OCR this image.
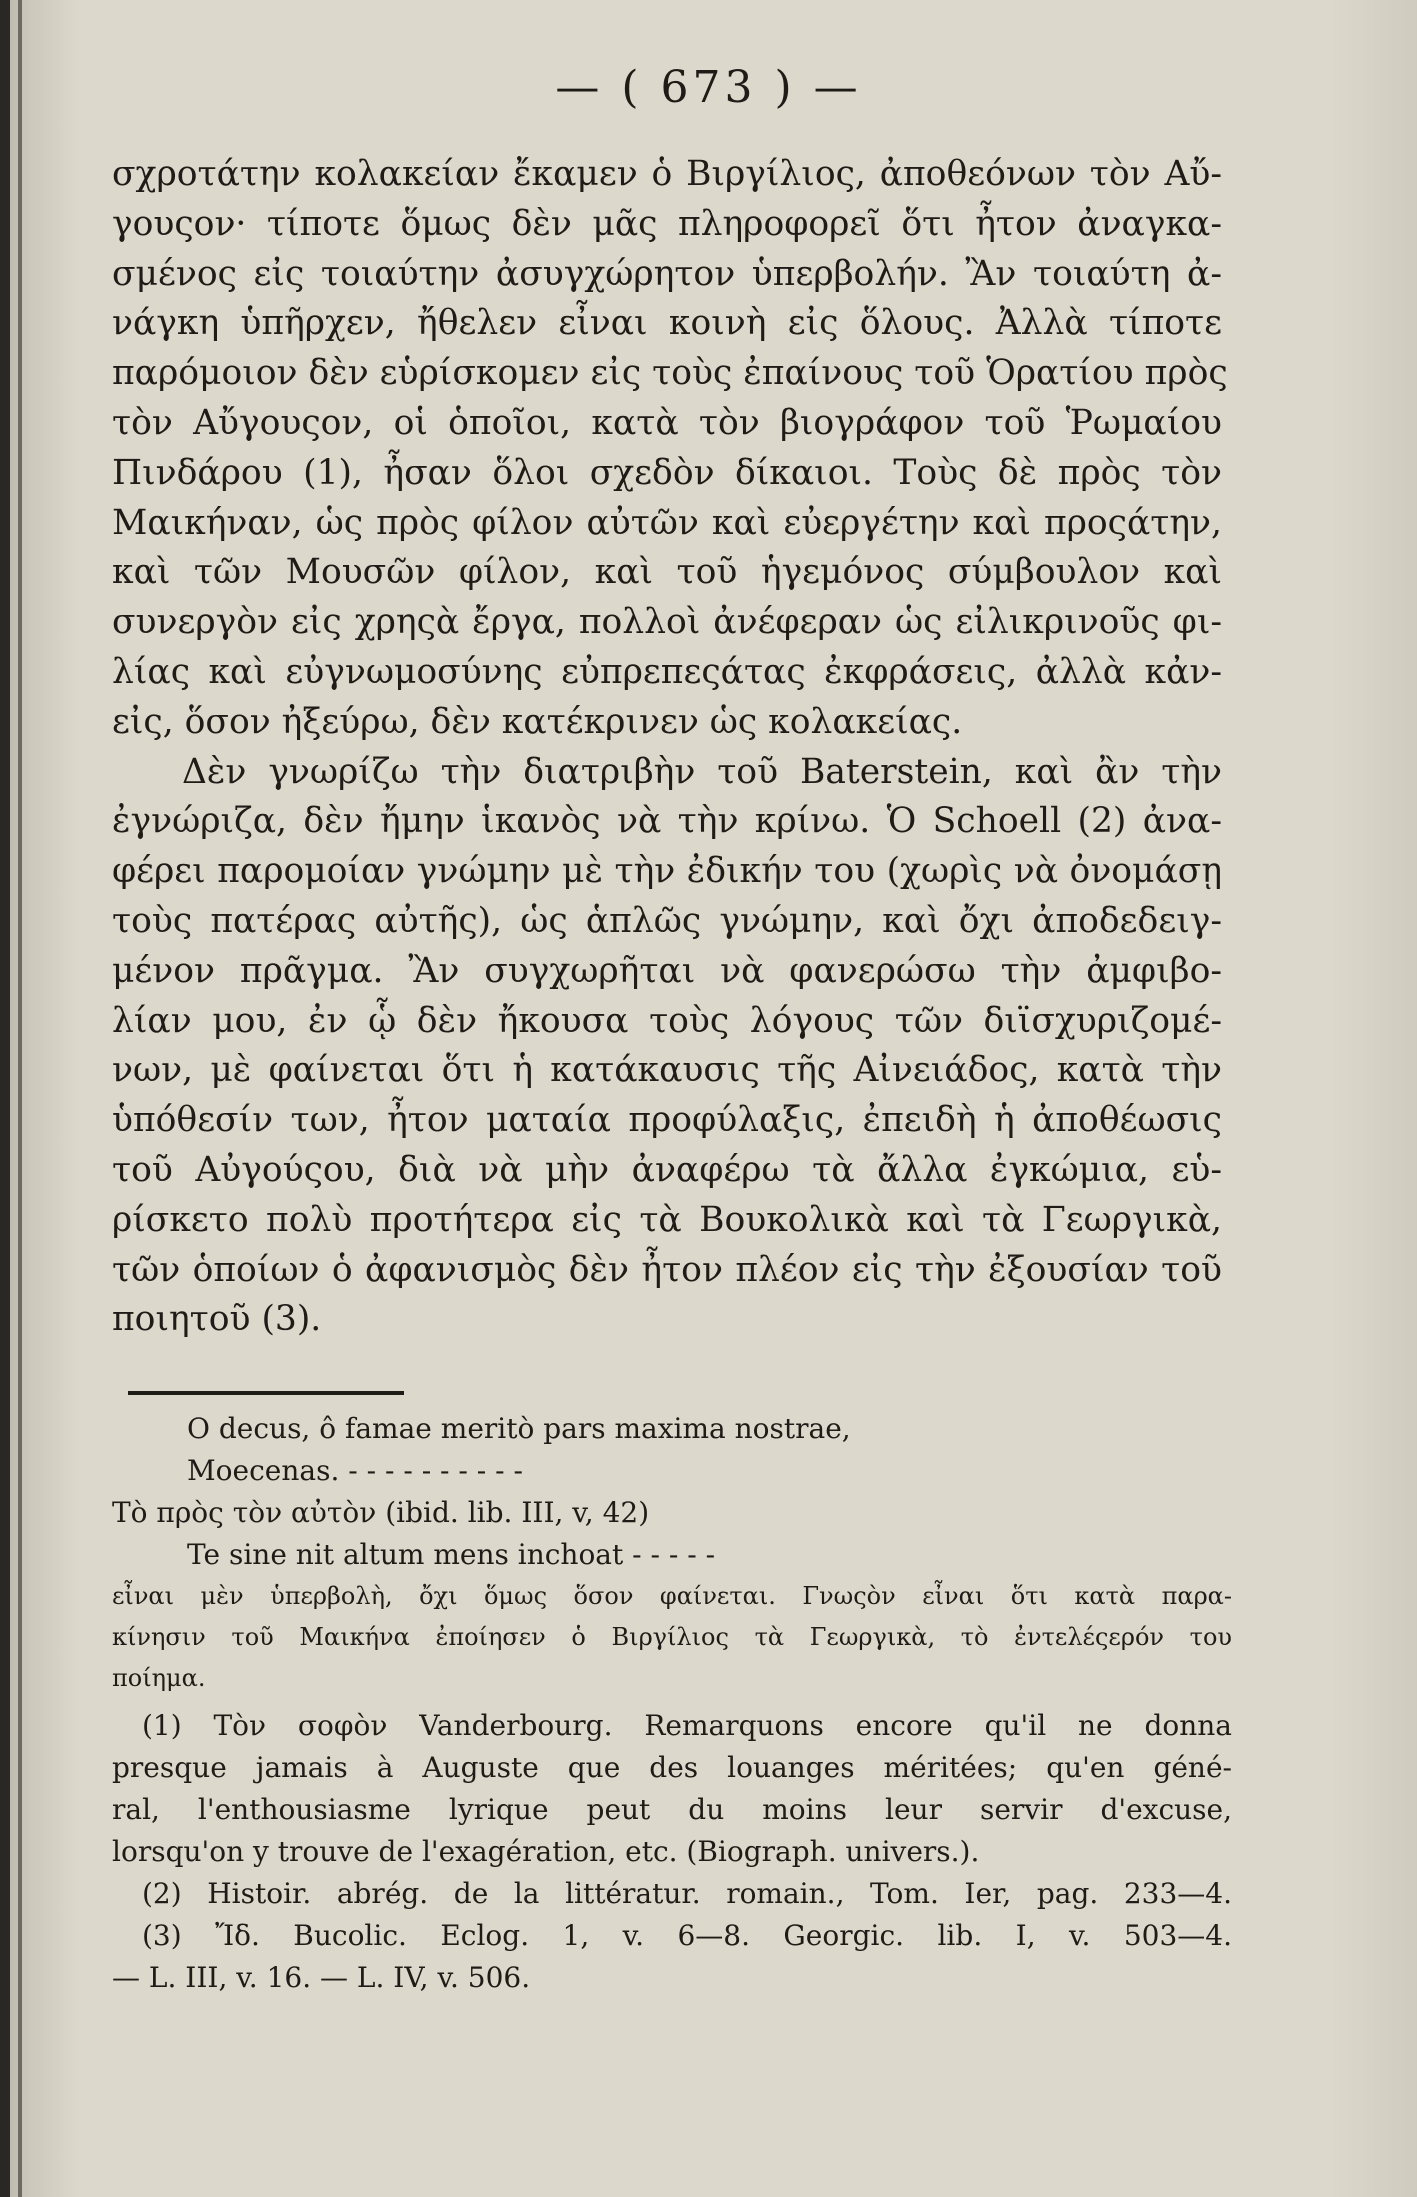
— ( 673 ) —
σχροτάτην κολακείαν ἔκαμεν ὁ Βιργίλιος, ἀποθεόνων τὸν Αὔ-
γουςον· τίποτε ὅμως δὲν μᾶς πληροφορεῖ ὅτι ἦτον ἀναγκα-
σμένος εἰς τοιαύτην ἀσυγχώρητον ὑπερβολήν. Ἂν τοιαύτη ἀ-
νάγκη ὑπῆρχεν, ἤθελεν εἶναι κοινὴ εἰς ὅλους. Ἀλλὰ τίποτε
παρόμοιον δὲν εὑρίσκομεν εἰς τοὺς ἐπαίνους τοῦ Ὁρατίου πρὸς
τὸν Αὔγουςον, οἱ ὁποῖοι, κατὰ τὸν βιογράφον τοῦ Ῥωμαίου
Πινδάρου (1), ἦσαν ὅλοι σχεδὸν δίκαιοι. Τοὺς δὲ πρὸς τὸν
Μαικήναν, ὡς πρὸς φίλον αὐτῶν καὶ εὐεργέτην καὶ προςάτην,
καὶ τῶν Μουσῶν φίλον, καὶ τοῦ ἡγεμόνος σύμβουλον καὶ
συνεργὸν εἰς χρηςὰ ἔργα, πολλοὶ ἀνέφεραν ὡς εἰλικρινοῦς φι-
λίας καὶ εὐγνωμοσύνης εὐπρεπεςάτας ἐκφράσεις, ἀλλὰ κἀν-
εἰς, ὅσον ἠξεύρω, δὲν κατέκρινεν ὡς κολακείας.
Δὲν γνωρίζω τὴν διατριβὴν τοῦ Baterstein, καὶ ἂν τὴν
ἐγνώριζα, δὲν ἤμην ἱκανὸς νὰ τὴν κρίνω. Ὁ Schoell (2) ἀνα-
φέρει παρομοίαν γνώμην μὲ τὴν ἐδικήν του (χωρὶς νὰ ὀνομάσῃ
τοὺς πατέρας αὐτῆς), ὡς ἁπλῶς γνώμην, καὶ ὄχι ἀποδεδειγ-
μένον πρᾶγμα. Ἂν συγχωρῆται νὰ φανερώσω τὴν ἀμφιβο-
λίαν μου, ἐν ᾧ δὲν ἤκουσα τοὺς λόγους τῶν διϊσχυριζομέ-
νων, μὲ φαίνεται ὅτι ἡ κατάκαυσις τῆς Αἰνειάδος, κατὰ τὴν
ὑπόθεσίν των, ἦτον ματαία προφύλαξις, ἐπειδὴ ἡ ἀποθέωσις
τοῦ Αὐγούςου, διὰ νὰ μὴν ἀναφέρω τὰ ἄλλα ἐγκώμια, εὑ-
ρίσκετο πολὺ προτήτερα εἰς τὰ Βουκολικὰ καὶ τὰ Γεωργικὰ,
τῶν ὁποίων ὁ ἀφανισμὸς δὲν ἦτον πλέον εἰς τὴν ἐξουσίαν τοῦ
ποιητοῦ (3).
O decus, ô famae meritò pars maxima nostrae,
Moecenas. - - - - - - - - - -
Τὸ πρὸς τὸν αὐτὸν (ibid. lib. III, v, 42)
Te sine nit altum mens inchoat - - - - -
εἶναι μὲν ὑπερβολὴ, ὄχι ὅμως ὅσον φαίνεται. Γνωςὸν εἶναι ὅτι κατὰ παρα-
κίνησιν τοῦ Μαικήνα ἐποίησεν ὁ Βιργίλιος τὰ Γεωργικὰ, τὸ ἐντελέςερόν του
ποίημα.
(1) Τὸν σοφὸν Vanderbourg. Remarquons encore qu'il ne donna
presque jamais à Auguste que des louanges méritées; qu'en géné-
ral, l'enthousiasme lyrique peut du moins leur servir d'excuse,
lorsqu'on y trouve de l'exagération, etc. (Biograph. univers.).
(2) Histoir. abrég. de la littératur. romain., Tom. Ier, pag. 233—4.
(3) Ἴδ. Bucolic. Eclog. 1, v. 6—8. Georgic. lib. I, v. 503—4.
— L. III, v. 16. — L. IV, v. 506.
